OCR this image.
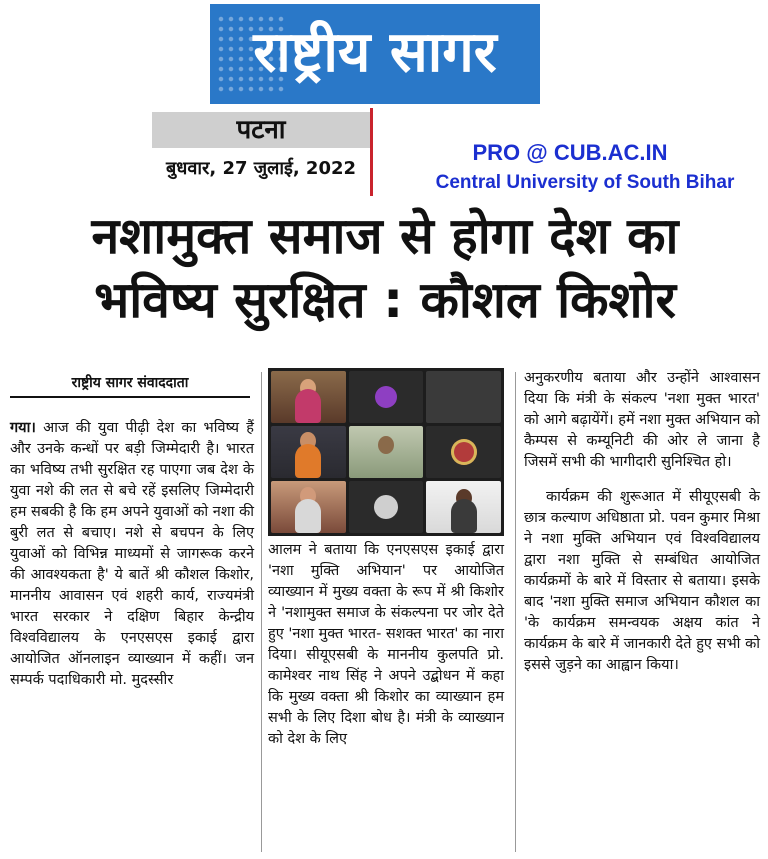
राष्ट्रीय सागर
पटना
बुधवार, 27 जुलाई, 2022
PRO @ CUB.AC.IN
Central University of South Bihar
नशामुक्त समाज से होगा देश का
भविष्य सुरक्षित : कौशल किशोर
राष्ट्रीय सागर संवाददाता

गया। आज की युवा पीढ़ी देश का भविष्य हैं और उनके कन्धों पर बड़ी जिम्मेदारी है। भारत का भविष्य तभी सुरक्षित रह पाएगा जब देश के युवा नशे की लत से बचे रहें इसलिए जिम्मेदारी हम सबकी है कि हम अपने युवाओं को नशा की बुरी लत से बचाए। नशे से बचपन के लिए युवाओं को विभिन्न माध्यमों से जागरूक करने की आवश्यकता है' ये बातें श्री कौशल किशोर, माननीय आवासन एवं शहरी कार्य, राज्यमंत्री भारत सरकार ने दक्षिण बिहार केन्द्रीय विश्वविद्यालय के एनएसएस इकाई द्वारा आयोजित ऑनलाइन व्याख्यान में कहीं। जन सम्पर्क पदाधिकारी मो. मुदस्सीर

आलम ने बताया कि एनएसएस इकाई द्वारा 'नशा मुक्ति अभियान' पर आयोजित व्याख्यान में मुख्य वक्ता के रूप में श्री किशोर ने 'नशामुक्त समाज के संकल्पना पर जोर देते हुए 'नशा मुक्त भारत- सशक्त भारत' का नारा दिया। सीयूएसबी के माननीय कुलपति प्रो. कामेश्वर नाथ सिंह ने अपने उद्बोधन में कहा कि मुख्य वक्ता श्री किशोर का व्याख्यान हम सभी के लिए दिशा बोध है। मंत्री के व्याख्यान को देश के लिए

अनुकरणीय बताया और उन्होंने आश्वासन दिया कि मंत्री के संकल्प 'नशा मुक्त भारत' को आगे बढ़ायेंगें। हमें नशा मुक्त अभियान को कैम्पस से कम्यूनिटी की ओर ले जाना है जिसमें सभी की भागीदारी सुनिश्चित हो।

कार्यक्रम की शुरूआत में सीयूएसबी के छात्र कल्याण अधिष्ठाता प्रो. पवन कुमार मिश्रा ने नशा मुक्ति अभियान एवं विश्वविद्यालय द्वारा नशा मुक्ति से सम्बंधित आयोजित कार्यक्रमों के बारे में विस्तार से बताया। इसके बाद 'नशा मुक्ति समाज अभियान कौशल का 'के कार्यक्रम समन्वयक अक्षय कांत ने कार्यक्रम के बारे में जानकारी देते हुए सभी को इससे जुड़ने का आह्वान किया।
